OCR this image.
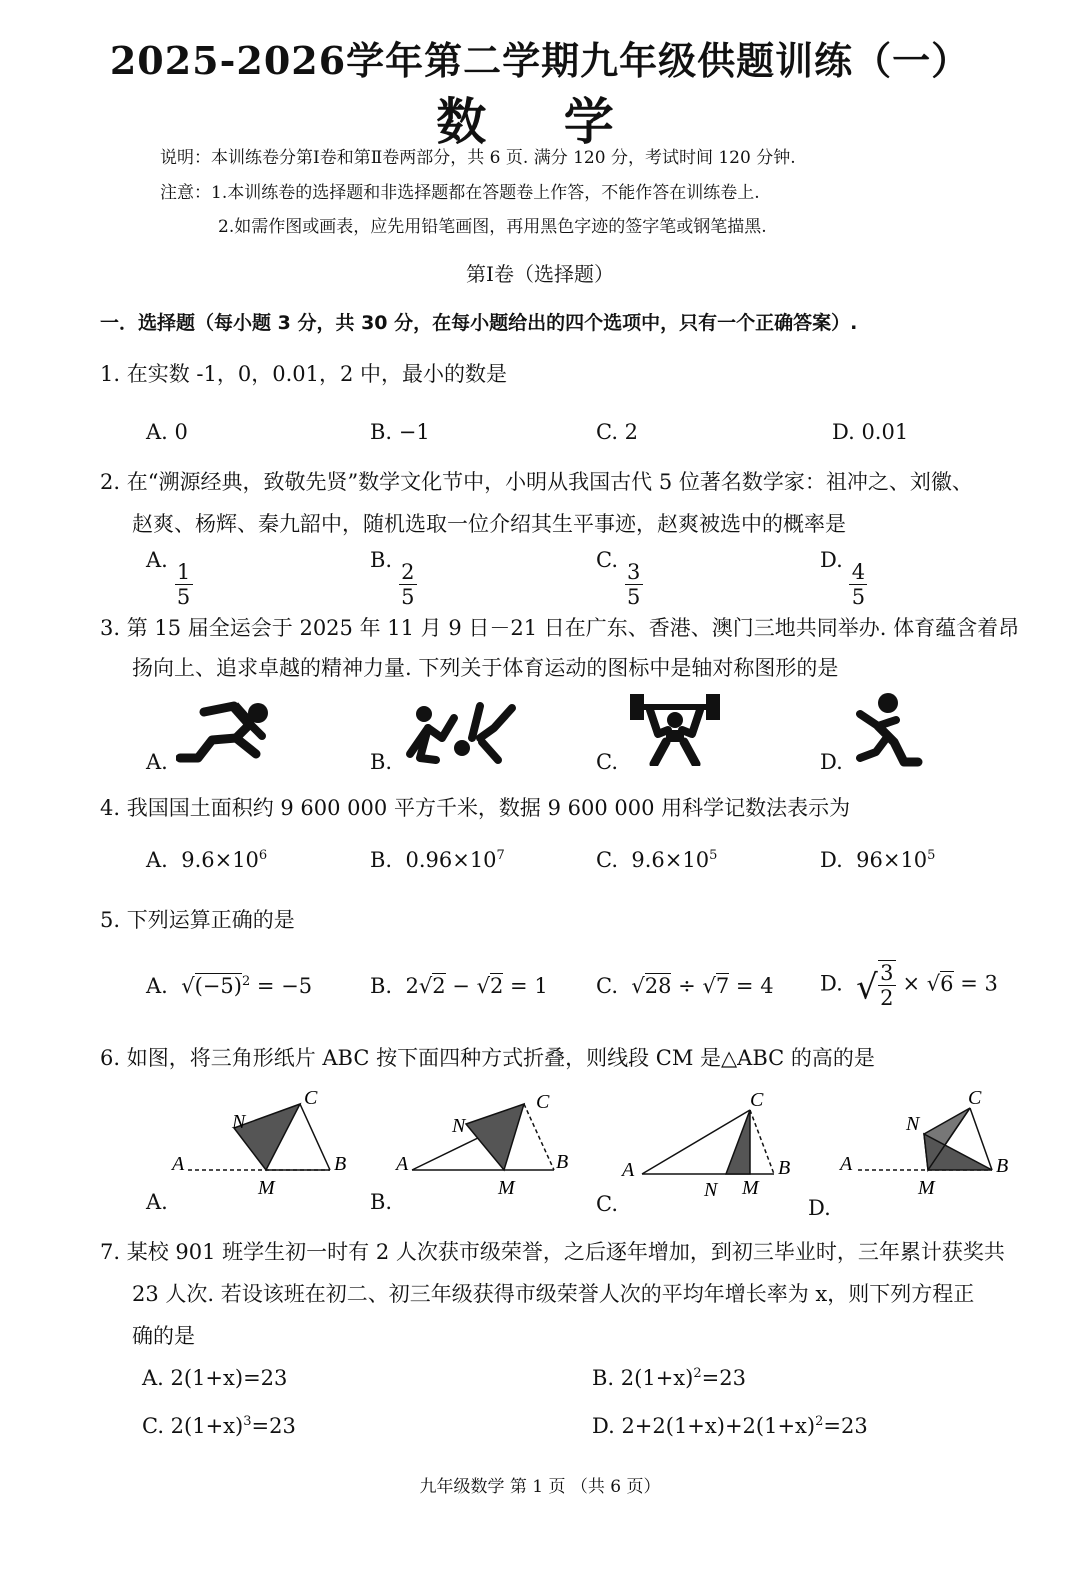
2025-2026学年第二学期九年级供题训练（一）
数 学
说明：本训练卷分第Ⅰ卷和第Ⅱ卷两部分，共 6 页. 满分 120 分，考试时间 120 分钟.
注意：1.本训练卷的选择题和非选择题都在答题卷上作答，不能作答在训练卷上.
2.如需作图或画表，应先用铅笔画图，再用黑色字迹的签字笔或钢笔描黑.
第Ⅰ卷（选择题）
一．选择题（每小题 3 分，共 30 分，在每小题给出的四个选项中，只有一个正确答案）.
1. 在实数 -1，0，0.01，2 中，最小的数是
A. 0	B. −1	C. 2	D. 0.01
2. 在“溯源经典，致敬先贤”数学文化节中，小明从我国古代 5 位著名数学家：祖冲之、刘徽、
赵爽、杨辉、秦九韶中，随机选取一位介绍其生平事迹，赵爽被选中的概率是
A. $\frac{1}{5}$	B. $\frac{2}{5}$	C. $\frac{3}{5}$	D. $\frac{4}{5}$
3. 第 15 届全运会于 2025 年 11 月 9 日－21 日在广东、香港、澳门三地共同举办. 体育蕴含着昂
扬向上、追求卓越的精神力量. 下列关于体育运动的图标中是轴对称图形的是
A.	B.	C.	D.
4. 我国国土面积约 9 600 000 平方千米，数据 9 600 000 用科学记数法表示为
A. $9.6\times 10^6$	B. $0.96\times 10^7$	C. $9.6\times 10^5$	D. $96\times 10^5$
5. 下列运算正确的是
A. $√(-5)^2 = -5$	B. 2√2 − √2 = 1 C. √28 ÷ √7 = 4 D. √ $\frac{3}{2} \times √6 = 3$
6. 如图，将三角形纸片 ABC 按下面四种方式折叠，则线段 CM 是△ABC 的高的是
A	B
C
N
M
A.
A	B
C
N
M
B.
A	B
C
N M
C.
A	B
C
N
M
D.
7. 某校 901 班学生初一时有 2 人次获市级荣誉，之后逐年增加，到初三毕业时，三年累计获奖共
23 人次. 若设该班在初二、初三年级获得市级荣誉人次的平均年增长率为 x，则下列方程正
确的是
A. 2(1+x)=23	B. $2(1+x)^2=23$
C. $2(1+x)^3=23$	D. $2+2(1+x)+2(1+x)^2=23$
九年级数学 第 1 页 （共 6 页）
